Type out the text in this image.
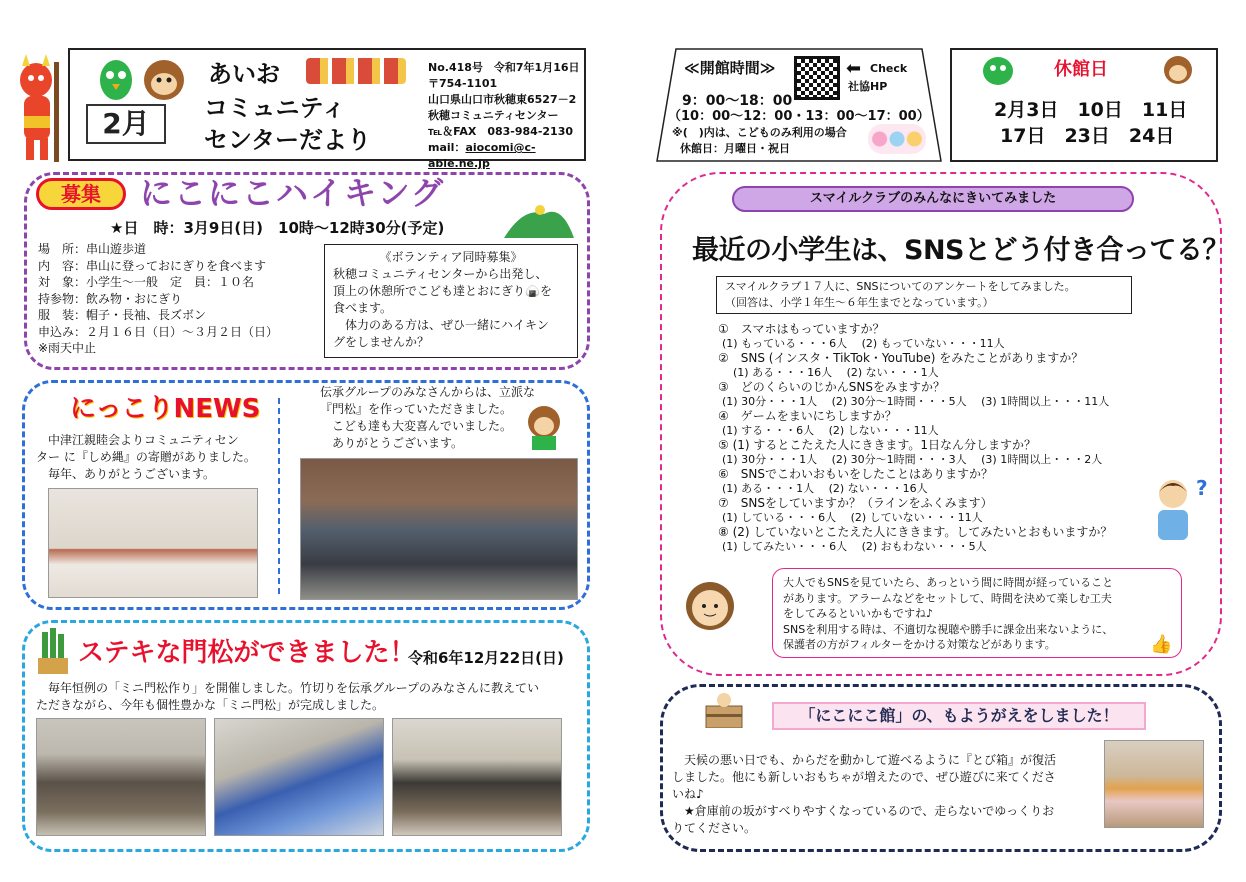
2月
あいお
コミュニティ
センターだより
No.418号　令和7年1月16日
〒754-1101
山口県山口市秋穂東6527－2
秋穂コミュニティセンター
℡＆FAX　083-984-2130
mail：aiocomi@c-able.ne.jp
募集	にこにこハイキング
★日　時：3月9日(日)　10時～12時30分(予定)
場　所：串山遊歩道
内　容：串山に登っておにぎりを食べます
対　象：小学生～一般　定　員：１０名
持参物：飲み物・おにぎり
服　装：帽子・長袖、長ズボン
申込み：２月１６日（日）～３月２日（日）
※雨天中止
《ボランティア同時募集》
秋穂コミュニティセンターから出発し、
頂上の休憩所でこども達とおにぎり🍙を
食べます。
　体力のある方は、ぜひ一緒にハイキン
グをしませんか？
にっこりNEWS
　中津江親睦会よりコミュニティセン
ター に『しめ縄』の寄贈がありました。
　毎年、ありがとうございます。
伝承グループのみなさんからは、立派な
『門松』を作っていただきました。
　こども達も大変喜んでいました。
　ありがとうございます。
ステキな門松ができました！
令和6年12月22日(日)
　毎年恒例の「ミニ門松作り」を開催しました。竹切りを伝承グループのみなさんに教えてい
ただきながら、今年も個性豊かな「ミニ門松」が完成しました。
≪開館時間≫	⬅ Check
社協HP
9：00～18：00
（10：00～12：00・13：00～17：00）
※(　)内は、こどものみ利用の場合
休館日：月曜日・祝日
休館日
2月3日　10日　11日
17日　23日　24日
スマイルクラブのみんなにきいてみました
最近の小学生は、SNSとどう付き合ってる？
スマイルクラブ１７人に、SNSについてのアンケートをしてみました。
（回答は、小学１年生～６年生までとなっています。）
①　スマホはもっていますか？
(1) もっている・・・6人　 (2) もっていない・・・11人
②　SNS (インスタ・TikTok・YouTube) をみたことがありますか？
　(1) ある・・・16人　 (2) ない・・・1人
③　どのくらいのじかんSNSをみますか？
(1) 30分・・・1人　 (2) 30分～1時間・・・5人　 (3) 1時間以上・・・11人
④　ゲームをまいにちしますか？
(1) する・・・6人　 (2) しない・・・11人
⑤ (1) するとこたえた人にききます。1日なん分しますか？
(1) 30分・・・1人　 (2) 30分～1時間・・・3人　 (3) 1時間以上・・・2人
⑥　SNSでこわいおもいをしたことはありますか？
(1) ある・・・1人　 (2) ない・・・16人
⑦　SNSをしていますか？（ラインをふくみます）
(1) している・・・6人　 (2) していない・・・11人
⑧ (2) していないとこたえた人にききます。してみたいとおもいますか？
(1) してみたい・・・6人　 (2) おもわない・・・5人
?
大人でもSNSを見ていたら、あっという間に時間が経っていること
があります。アラームなどをセットして、時間を決めて楽しむ工夫
をしてみるといいかもですね♪
SNSを利用する時は、不適切な視聴や勝手に課金出来ないように、
保護者の方がフィルターをかける対策などがあります。	👍
「にこにこ館」の、もようがえをしました！
　天候の悪い日でも、からだを動かして遊べるように『とび箱』が復活
しました。他にも新しいおもちゃが増えたので、ぜひ遊びに来てくださ
いね♪
　★倉庫前の坂がすべりやすくなっているので、走らないでゆっくりお
りてください。
